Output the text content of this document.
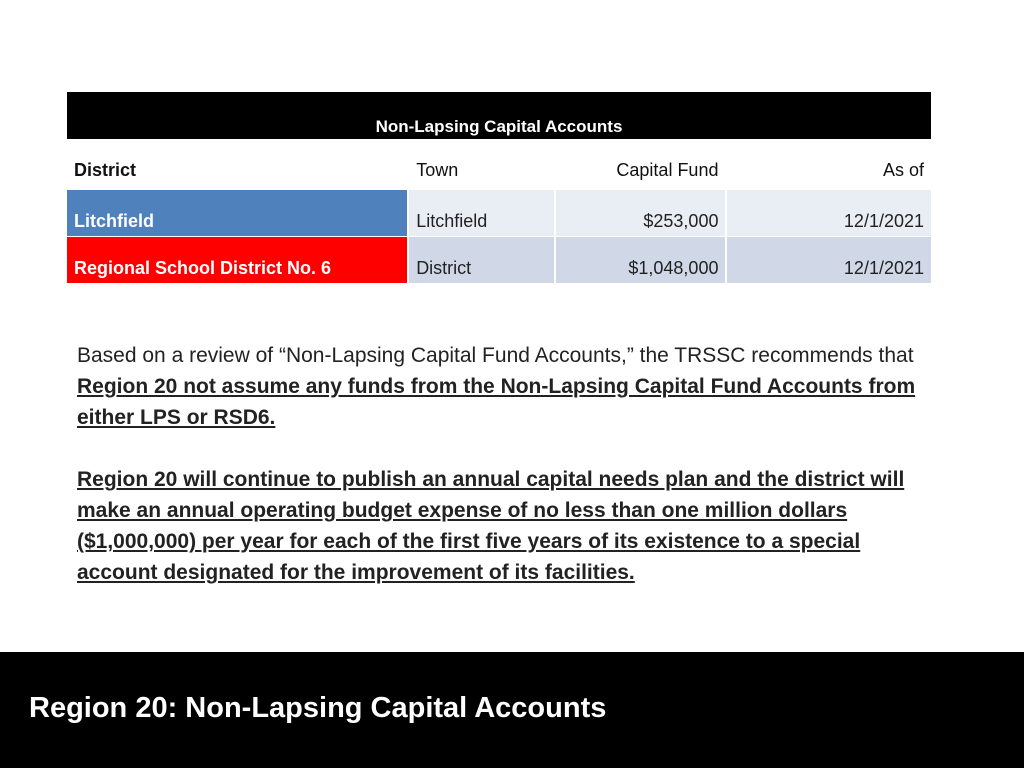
Non-Lapsing Capital Accounts
District	Town	Capital Fund	As of
Litchfield	Litchfield	$253,000	12/1/2021
Regional School District No. 6	District	$1,048,000	12/1/2021

Based on a review of “Non-Lapsing Capital Fund Accounts,” the TRSSC recommends that Region 20 not assume any funds from the Non-Lapsing Capital Fund Accounts from either LPS or RSD6.

Region 20 will continue to publish an annual capital needs plan and the district will make an annual operating budget expense of no less than one million dollars ($1,000,000) per year for each of the first five years of its existence to a special account designated for the improvement of its facilities.

Region 20: Non-Lapsing Capital Accounts
